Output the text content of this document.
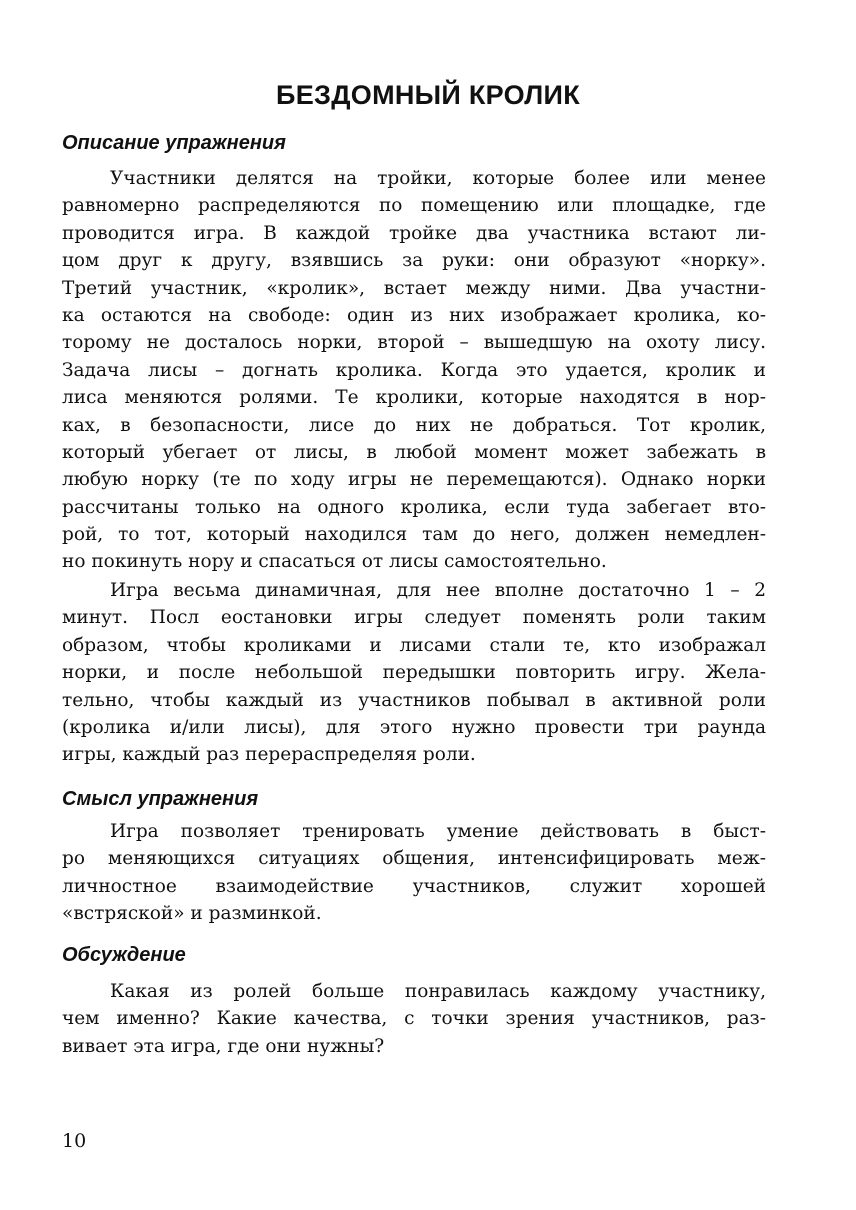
БЕЗДОМНЫЙ КРОЛИК
Описание упражнения
Участники делятся на тройки, которые более или менее
равномерно распределяются по помещению или площадке, где
проводится игра. В каждой тройке два участника встают ли-
цом друг к другу, взявшись за руки: они образуют «норку».
Третий участник, «кролик», встает между ними. Два участни-
ка остаются на свободе: один из них изображает кролика, ко-
торому не досталось норки, второй – вышедшую на охоту лису.
Задача лисы – догнать кролика. Когда это удается, кролик и
лиса меняются ролями. Те кролики, которые находятся в нор-
ках, в безопасности, лисе до них не добраться. Тот кролик,
который убегает от лисы, в любой момент может забежать в
любую норку (те по ходу игры не перемещаются). Однако норки
рассчитаны только на одного кролика, если туда забегает вто-
рой, то тот, который находился там до него, должен немедлен-
но покинуть нору и спасаться от лисы самостоятельно.
Игра весьма динамичная, для нее вполне достаточно 1 – 2
минут. Посл еостановки игры следует поменять роли таким
образом, чтобы кроликами и лисами стали те, кто изображал
норки, и после небольшой передышки повторить игру. Жела-
тельно, чтобы каждый из участников побывал в активной роли
(кролика и/или лисы), для этого нужно провести три раунда
игры, каждый раз перераспределяя роли.
Смысл упражнения
Игра позволяет тренировать умение действовать в быст-
ро меняющихся ситуациях общения, интенсифицировать меж-
личностное взаимодействие участников, служит хорошей
«встряской» и разминкой.
Обсуждение
Какая из ролей больше понравилась каждому участнику,
чем именно? Какие качества, с точки зрения участников, раз-
вивает эта игра, где они нужны?
10
